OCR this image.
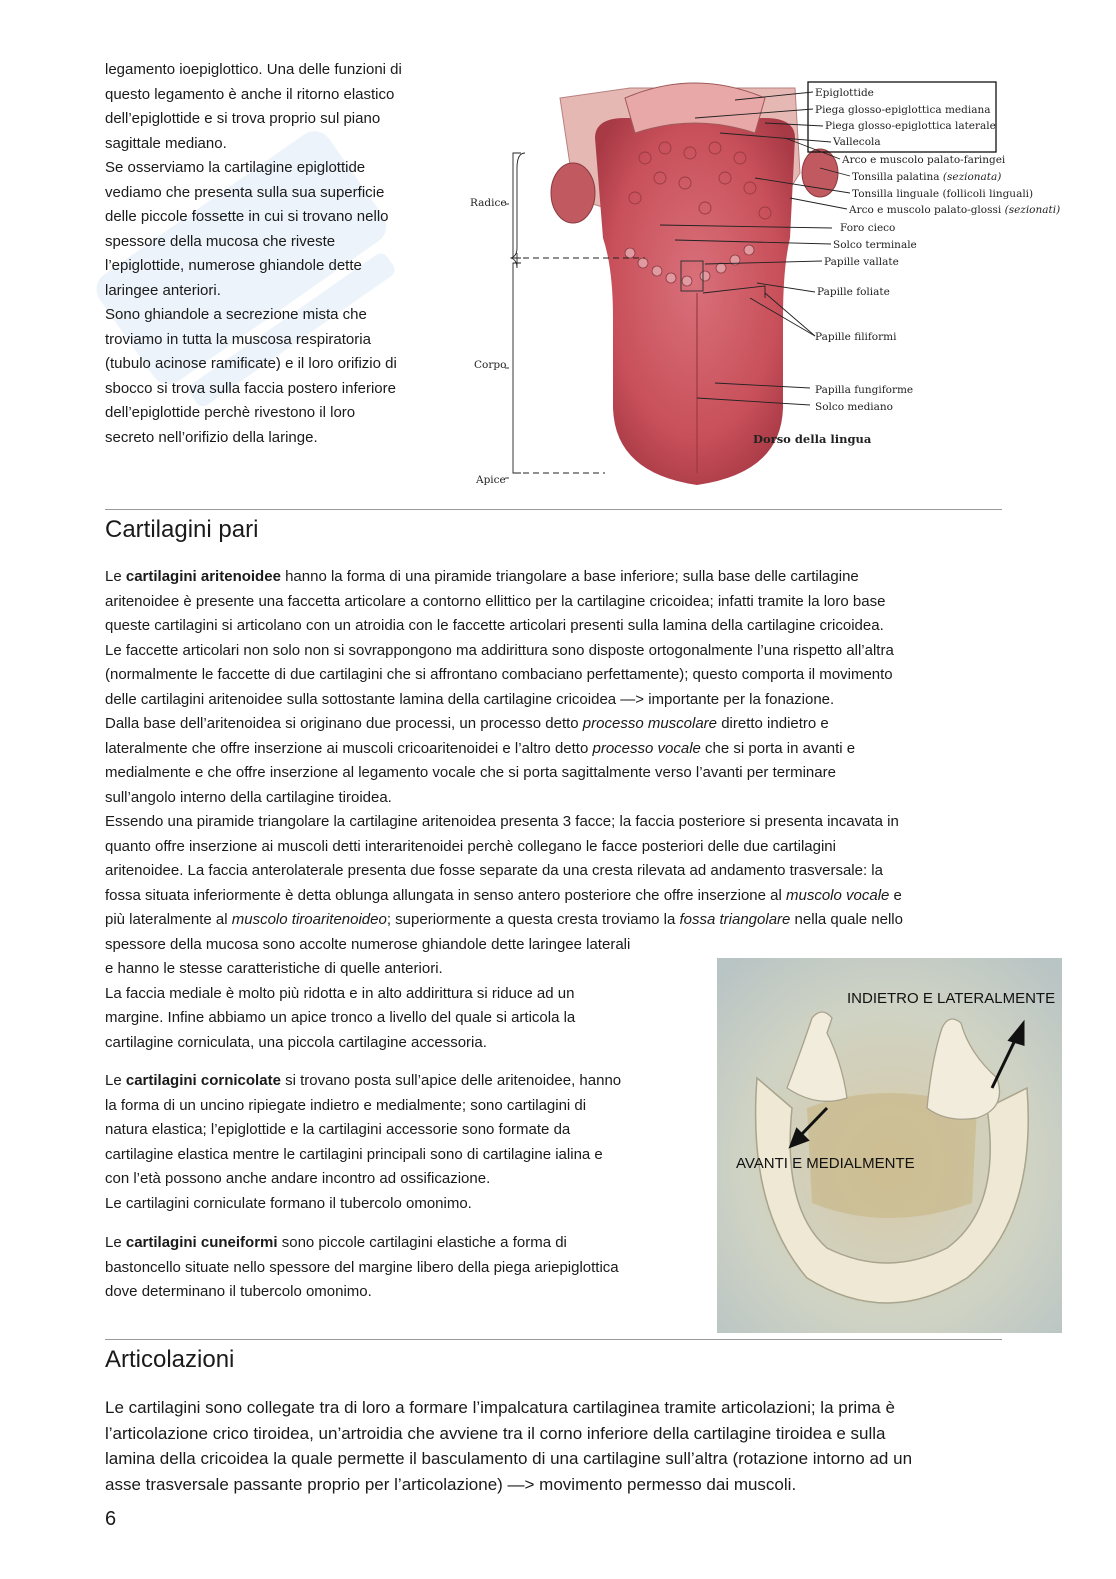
legamento ioepiglottico. Una delle funzioni di

questo legamento è anche il ritorno elastico

dell’epiglottide e si trova proprio sul piano

sagittale mediano.

Se osserviamo la cartilagine epiglottide

vediamo che presenta sulla sua superficie

delle piccole fossette in cui si trovano nello

spessore della mucosa che riveste

l’epiglottide, numerose ghiandole dette

laringee anteriori.

Sono ghiandole a secrezione mista che

troviamo in tutta la muscosa respiratoria

(tubulo acinose ramificate) e il loro orifizio di

sbocco si trova sulla faccia postero inferiore

dell’epiglottide perchè rivestono il loro

secreto nell’orifizio della laringe.

Radice
Corpo
Apice
Epiglottide
Piega glosso-epiglottica mediana
Piega glosso-epiglottica laterale
Vallecola
Arco e muscolo palato-faringei
Tonsilla palatina (sezionata)
Tonsilla linguale (follicoli linguali)
Arco e muscolo palato-glossi (sezionati)
Foro cieco
Solco terminale
Papille vallate
Papille foliate
Papille filiformi
Papilla fungiforme
Solco mediano
Dorso della lingua
Cartilagini pari

Le cartilagini aritenoidee hanno la forma di una piramide triangolare a base inferiore; sulla base delle cartilagine

aritenoidee è presente una faccetta articolare a contorno ellittico per la cartilagine cricoidea; infatti tramite la loro base

queste cartilagini si articolano con un atroidia con le faccette articolari presenti sulla lamina della cartilagine cricoidea.

Le faccette articolari non solo non si sovrappongono ma addirittura sono disposte ortogonalmente l’una rispetto all’altra

(normalmente le faccette di due cartilagini che si affrontano combaciano perfettamente); questo comporta il movimento

delle cartilagini aritenoidee sulla sottostante lamina della cartilagine cricoidea —> importante per la fonazione.

Dalla base dell’aritenoidea si originano due processi, un processo detto processo muscolare diretto indietro e

lateralmente che offre inserzione ai muscoli cricoaritenoidei e l’altro detto processo vocale che si porta in avanti e

medialmente e che offre inserzione al legamento vocale che si porta sagittalmente verso l’avanti per terminare

sull’angolo interno della cartilagine tiroidea.

Essendo una piramide triangolare la cartilagine aritenoidea presenta 3 facce; la faccia posteriore si presenta incavata in

quanto offre inserzione ai muscoli detti interaritenoidei perchè collegano le facce posteriori delle due cartilagini

aritenoidee. La faccia anterolaterale presenta due fosse separate da una cresta rilevata ad andamento trasversale: la

fossa situata inferiormente è detta oblunga allungata in senso antero posteriore che offre inserzione al muscolo vocale e

più lateralmente al muscolo tiroaritenoideo; superiormente a questa cresta troviamo la fossa triangolare nella quale nello

spessore della mucosa sono accolte numerose ghiandole dette laringee laterali

e hanno le stesse caratteristiche di quelle anteriori.

La faccia mediale è molto più ridotta e in alto addirittura si riduce ad un

margine. Infine abbiamo un apice tronco a livello del quale si articola la

cartilagine corniculata, una piccola cartilagine accessoria.

Le cartilagini cornicolate si trovano posta sull’apice delle aritenoidee, hanno

la forma di un uncino ripiegate indietro e medialmente; sono cartilagini di

natura elastica; l’epiglottide e la cartilagini accessorie sono formate da

cartilagine elastica mentre le cartilagini principali sono di cartilagine ialina e

con l’età possono anche andare incontro ad ossificazione.

Le cartilagini corniculate formano il tubercolo omonimo.

Le cartilagini cuneiformi sono piccole cartilagini elastiche a forma di

bastoncello situate nello spessore del margine libero della piega ariepiglottica

dove determinano il tubercolo omonimo.

INDIETRO E LATERALMENTE
AVANTI E MEDIALMENTE
Articolazioni

Le cartilagini sono collegate tra di loro a formare l’impalcatura cartilaginea tramite articolazioni; la prima è

l’articolazione crico tiroidea, un’artroidia che avviene tra il corno inferiore della cartilagine tiroidea e sulla

lamina della cricoidea la quale permette il basculamento di una cartilagine sull’altra (rotazione intorno ad un

asse trasversale passante proprio per l’articolazione) —> movimento permesso dai muscoli.

6
